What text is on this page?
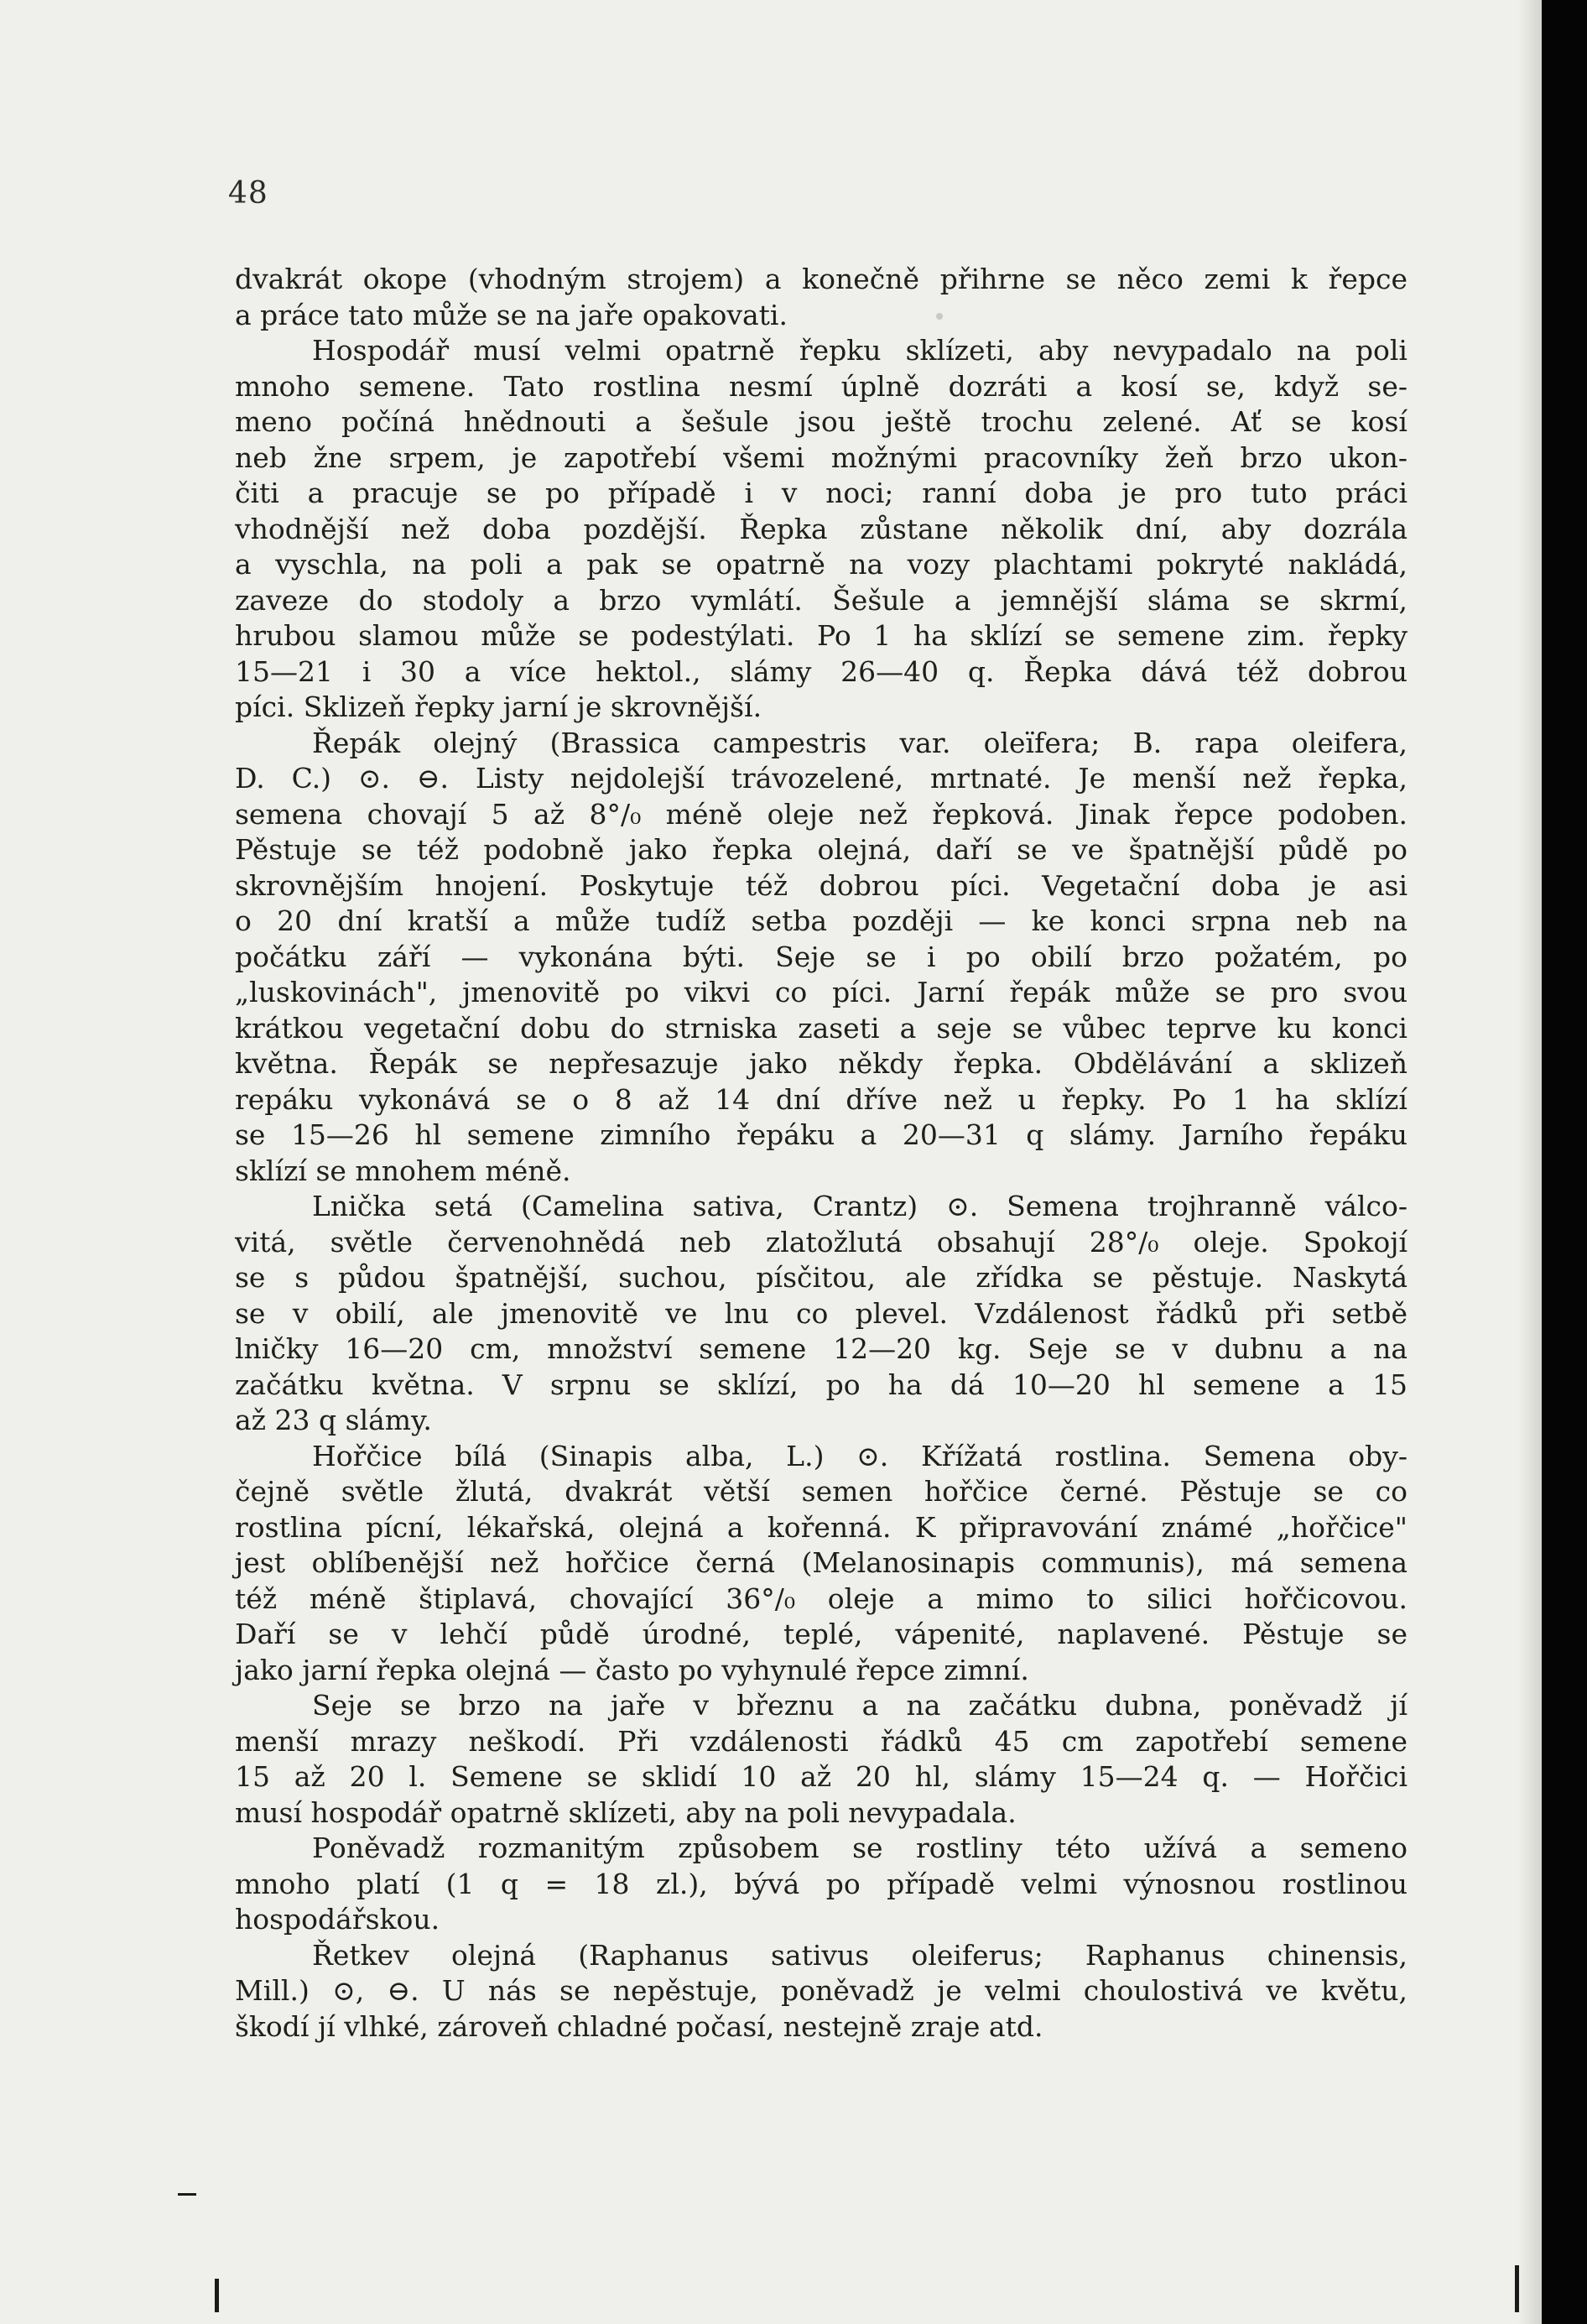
48
dvakrát okope (vhodným strojem) a konečně přihrne se něco zemi k řepce
a práce tato může se na jaře opakovati.
Hospodář musí velmi opatrně řepku sklízeti, aby nevypadalo na poli
mnoho semene. Tato rostlina nesmí úplně dozráti a kosí se, když se-
meno počíná hnědnouti a šešule jsou ještě trochu zelené. Ať se kosí
neb žne srpem, je zapotřebí všemi možnými pracovníky žeň brzo ukon-
čiti a pracuje se po případě i v noci; ranní doba je pro tuto práci
vhodnější než doba pozdější. Řepka zůstane několik dní, aby dozrála
a vyschla, na poli a pak se opatrně na vozy plachtami pokryté nakládá,
zaveze do stodoly a brzo vymlátí. Šešule a jemnější sláma se skrmí,
hrubou slamou může se podestýlati. Po 1 ha sklízí se semene zim. řepky
15—21 i 30 a více hektol., slámy 26—40 q. Řepka dává též dobrou
píci. Sklizeň řepky jarní je skrovnější.
Řepák olejný (Brassica campestris var. oleïfera; B. rapa oleifera,
D. C.) ⊙. ⊖. Listy nejdolejší trávozelené, mrtnaté. Je menší než řepka,
semena chovají 5 až 8°/₀ méně oleje než řepková. Jinak řepce podoben.
Pěstuje se též podobně jako řepka olejná, daří se ve špatnější půdě po
skrovnějším hnojení. Poskytuje též dobrou píci. Vegetační doba je asi
o 20 dní kratší a může tudíž setba později — ke konci srpna neb na
počátku září — vykonána býti. Seje se i po obilí brzo požatém, po
„luskovinách", jmenovitě po vikvi co píci. Jarní řepák může se pro svou
krátkou vegetační dobu do strniska zaseti a seje se vůbec teprve ku konci
května. Řepák se nepřesazuje jako někdy řepka. Obdělávání a sklizeň
repáku vykonává se o 8 až 14 dní dříve než u řepky. Po 1 ha sklízí
se 15—26 hl semene zimního řepáku a 20—31 q slámy. Jarního řepáku
sklízí se mnohem méně.
Lnička setá (Camelina sativa, Crantz) ⊙. Semena trojhranně válco-
vitá, světle červenohnědá neb zlatožlutá obsahují 28°/₀ oleje. Spokojí
se s půdou špatnější, suchou, písčitou, ale zřídka se pěstuje. Naskytá
se v obilí, ale jmenovitě ve lnu co plevel. Vzdálenost řádků při setbě
lničky 16—20 cm, množství semene 12—20 kg. Seje se v dubnu a na
začátku května. V srpnu se sklízí, po ha dá 10—20 hl semene a 15
až 23 q slámy.
Hořčice bílá (Sinapis alba, L.) ⊙. Křížatá rostlina. Semena oby-
čejně světle žlutá, dvakrát větší semen hořčice černé. Pěstuje se co
rostlina pícní, lékařská, olejná a kořenná. K připravování známé „hořčice"
jest oblíbenější než hořčice černá (Melanosinapis communis), má semena
též méně štiplavá, chovající 36°/₀ oleje a mimo to silici hořčicovou.
Daří se v lehčí půdě úrodné, teplé, vápenité, naplavené. Pěstuje se
jako jarní řepka olejná — často po vyhynulé řepce zimní.
Seje se brzo na jaře v březnu a na začátku dubna, poněvadž jí
menší mrazy neškodí. Při vzdálenosti řádků 45 cm zapotřebí semene
15 až 20 l. Semene se sklidí 10 až 20 hl, slámy 15—24 q. — Hořčici
musí hospodář opatrně sklízeti, aby na poli nevypadala.
Poněvadž rozmanitým způsobem se rostliny této užívá a semeno
mnoho platí (1 q = 18 zl.), bývá po případě velmi výnosnou rostlinou
hospodářskou.
Řetkev olejná (Raphanus sativus oleiferus; Raphanus chinensis,
Mill.) ⊙, ⊖. U nás se nepěstuje, poněvadž je velmi choulostivá ve květu,
škodí jí vlhké, zároveň chladné počasí, nestejně zraje atd.
